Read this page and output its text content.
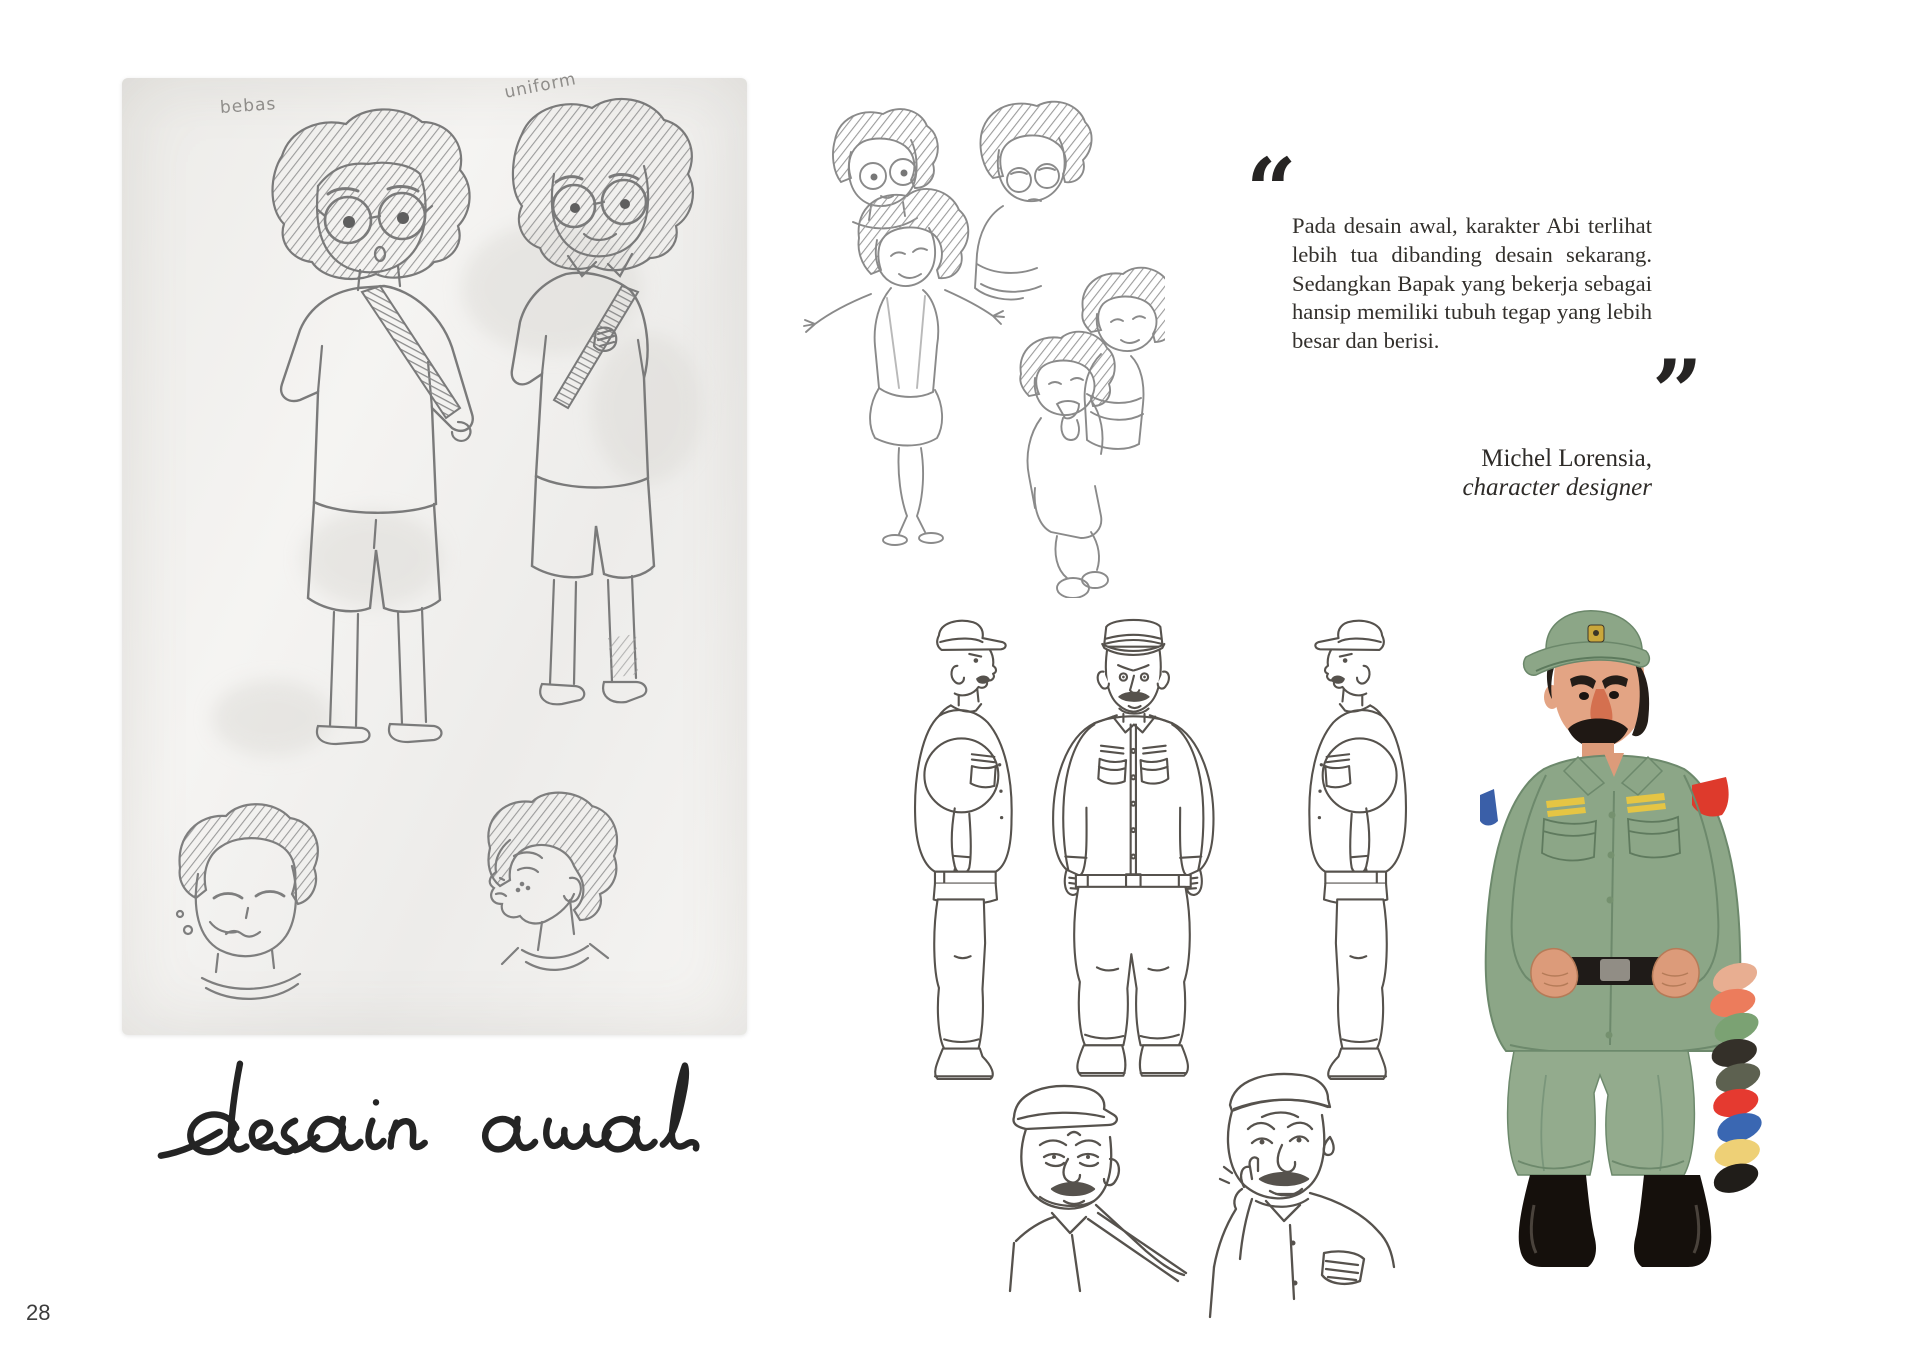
bebas
uniform
“

Pada desain awal, karakter Abi terlihat lebih tua dibanding desain sekarang. Sedangkan Bapak yang bekerja sebagai hansip memiliki tubuh tegap yang lebih besar dan berisi.	”
Michel Lorensia,
character designer
28
